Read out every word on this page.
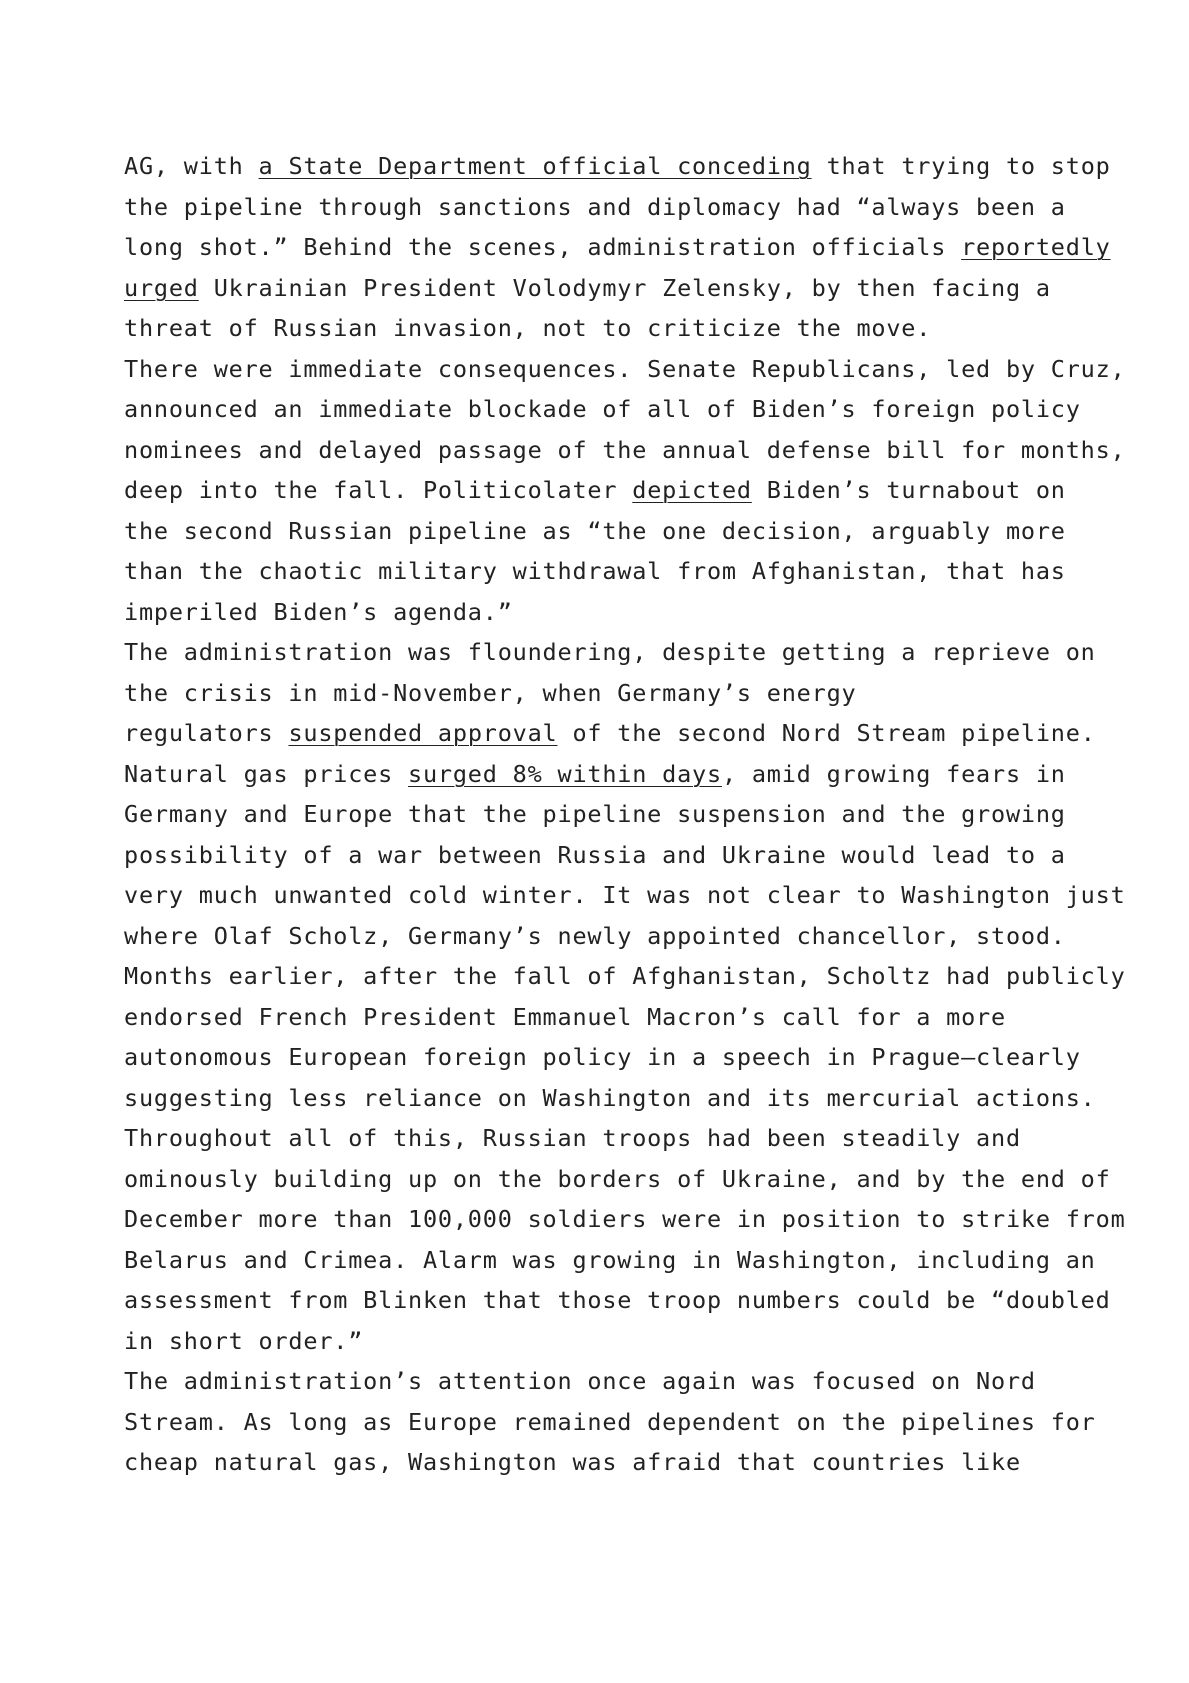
AG, with a State Department official conceding that trying to stop
the pipeline through sanctions and diplomacy had “always been a
long shot.” Behind the scenes, administration officials reportedly
urged Ukrainian President Volodymyr Zelensky, by then facing a
threat of Russian invasion, not to criticize the move.
There were immediate consequences. Senate Republicans, led by Cruz,
announced an immediate blockade of all of Biden’s foreign policy
nominees and delayed passage of the annual defense bill for months,
deep into the fall. Politicolater depicted Biden’s turnabout on
the second Russian pipeline as “the one decision, arguably more
than the chaotic military withdrawal from Afghanistan, that has
imperiled Biden’s agenda.”
The administration was floundering, despite getting a reprieve on
the crisis in mid-November, when Germany’s energy
regulators suspended approval of the second Nord Stream pipeline.
Natural gas prices surged 8% within days, amid growing fears in
Germany and Europe that the pipeline suspension and the growing
possibility of a war between Russia and Ukraine would lead to a
very much unwanted cold winter. It was not clear to Washington just
where Olaf Scholz, Germany’s newly appointed chancellor, stood.
Months earlier, after the fall of Afghanistan, Scholtz had publicly
endorsed French President Emmanuel Macron’s call for a more
autonomous European foreign policy in a speech in Prague—clearly
suggesting less reliance on Washington and its mercurial actions.
Throughout all of this, Russian troops had been steadily and
ominously building up on the borders of Ukraine, and by the end of
December more than 100,000 soldiers were in position to strike from
Belarus and Crimea. Alarm was growing in Washington, including an
assessment from Blinken that those troop numbers could be “doubled
in short order.”
The administration’s attention once again was focused on Nord
Stream. As long as Europe remained dependent on the pipelines for
cheap natural gas, Washington was afraid that countries like
